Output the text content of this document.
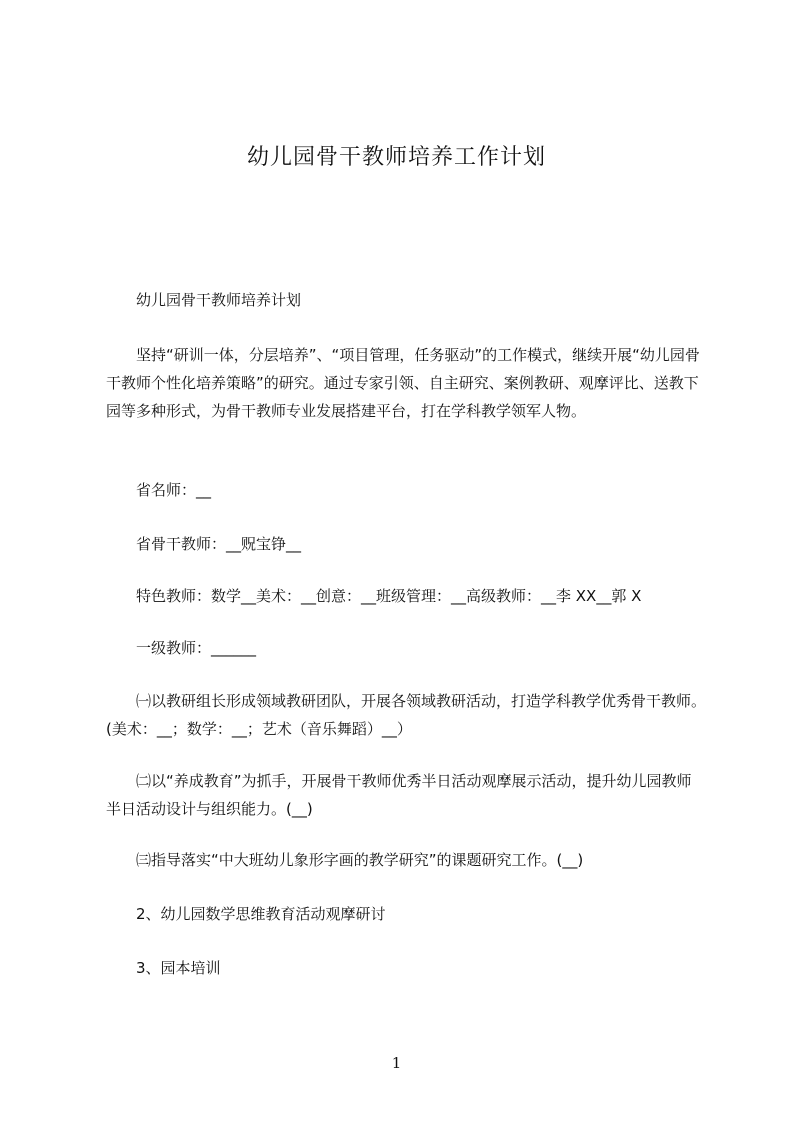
幼儿园骨干教师培养工作计划

幼儿园骨干教师培养计划

坚持“研训一体，分层培养”、“项目管理，任务驱动”的工作模式，继续开展“幼儿园骨干教师个性化培养策略”的研究。通过专家引领、自主研究、案例教研、观摩评比、送教下园等多种形式，为骨干教师专业发展搭建平台，打在学科教学领军人物。

省名师：__

省骨干教师：__贶宝铮__

特色教师：数学__美术：__创意：__班级管理：__高级教师：__李 XX__郭 X

一级教师：______

㈠以教研组长形成领域教研团队，开展各领域教研活动，打造学科教学优秀骨干教师。(美术：__；数学：__；艺术（音乐舞蹈）__）

㈡以“养成教育”为抓手，开展骨干教师优秀半日活动观摩展示活动，提升幼儿园教师半日活动设计与组织能力。(__)

㈢指导落实“中大班幼儿象形字画的教学研究”的课题研究工作。(__)

2、幼儿园数学思维教育活动观摩研讨

3、园本培训

1
